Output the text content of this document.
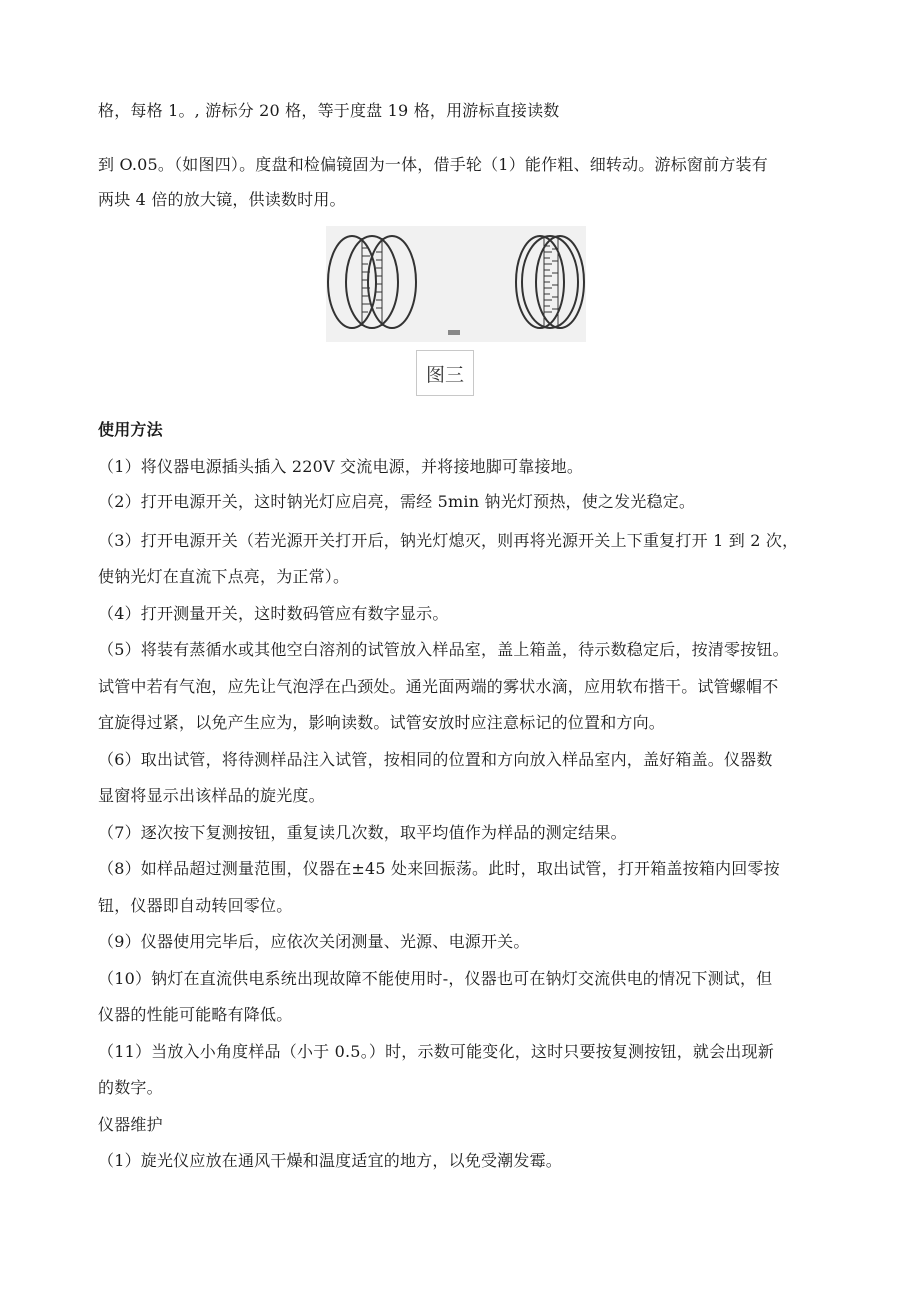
格，每格 1。, 游标分 20 格，等于度盘 19 格，用游标直接读数
到 O.05。（如图四）。度盘和检偏镜固为一体，借手轮（1）能作粗、细转动。游标窗前方装有
两块 4 倍的放大镜，供读数时用。
图三
使用方法
（1）将仪器电源插头插入 220V 交流电源，并将接地脚可靠接地。
（2）打开电源开关，这时钠光灯应启亮，需经 5min 钠光灯预热，使之发光稳定。
（3）打开电源开关（若光源开关打开后，钠光灯熄灭，则再将光源开关上下重复打开 1 到 2 次，
使钠光灯在直流下点亮，为正常）。
（4）打开测量开关，这时数码管应有数字显示。
（5）将装有蒸循水或其他空白溶剂的试管放入样品室，盖上箱盖，待示数稳定后，按清零按钮。
试管中若有气泡，应先让气泡浮在凸颈处。通光面两端的雾状水滴，应用软布揩干。试管螺帽不
宜旋得过紧，以免产生应为，影响读数。试管安放时应注意标记的位置和方向。
（6）取出试管，将待测样品注入试管，按相同的位置和方向放入样品室内，盖好箱盖。仪器数
显窗将显示出该样品的旋光度。
（7）逐次按下复测按钮，重复读几次数，取平均值作为样品的测定结果。
（8）如样品超过测量范围，仪器在±45 处来回振荡。此时，取出试管，打开箱盖按箱内回零按
钮，仪器即自动转回零位。
（9）仪器使用完毕后，应依次关闭测量、光源、电源开关。
（10）钠灯在直流供电系统出现故障不能使用时-，仪器也可在钠灯交流供电的情况下测试，但
仪器的性能可能略有降低。
（11）当放入小角度样品（小于 0.5。）时，示数可能变化，这时只要按复测按钮，就会出现新
的数字。
仪器维护
（1）旋光仪应放在通风干燥和温度适宜的地方，以免受潮发霉。
